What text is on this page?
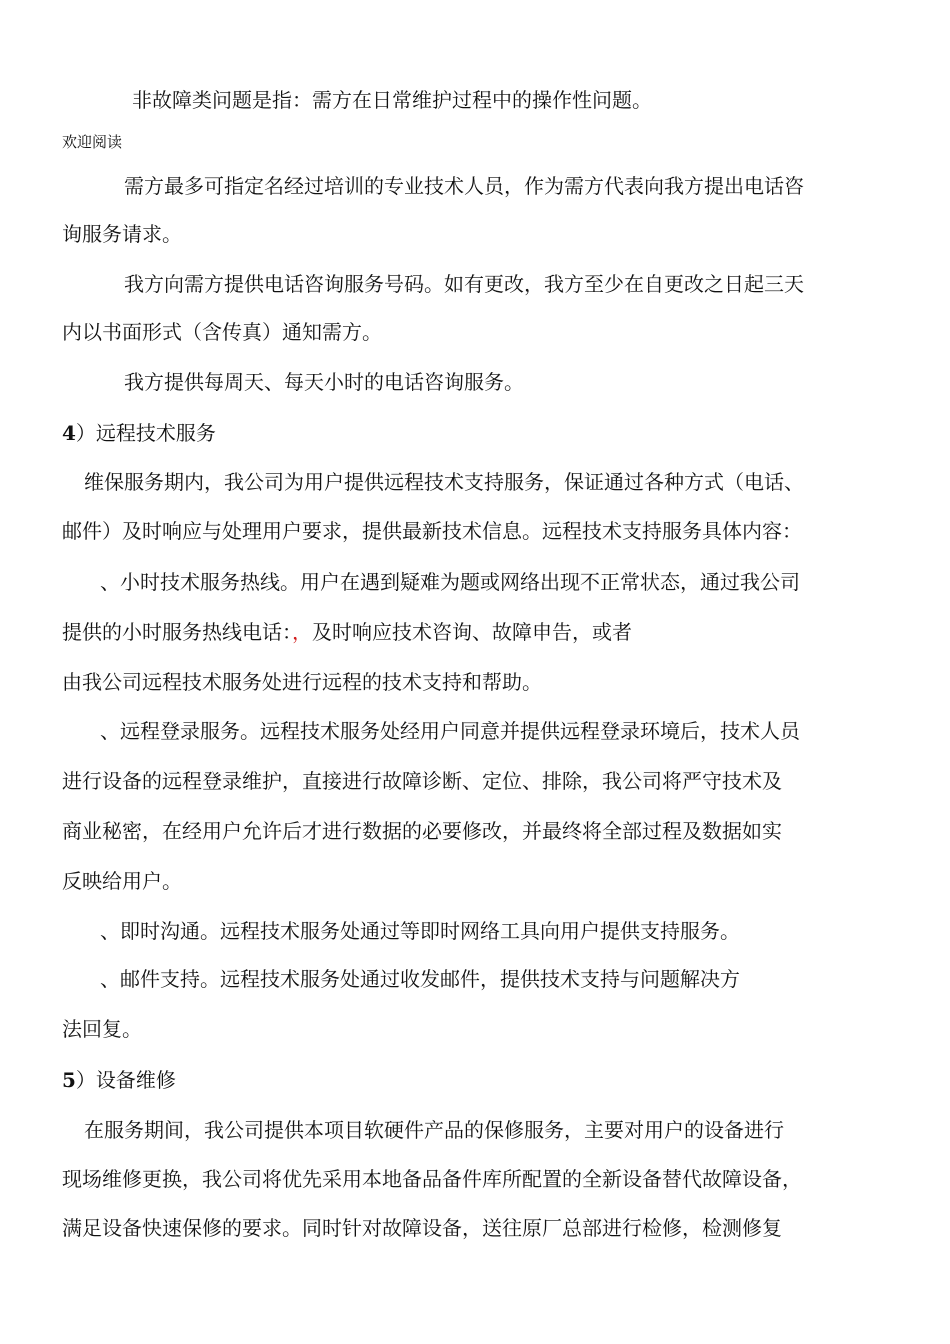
非故障类问题是指：需方在日常维护过程中的操作性问题。
欢迎阅读
需方最多可指定名经过培训的专业技术人员，作为需方代表向我方提出电话咨
询服务请求。
我方向需方提供电话咨询服务号码。如有更改，我方至少在自更改之日起三天
内以书面形式（含传真）通知需方。
我方提供每周天、每天小时的电话咨询服务。
4）远程技术服务
维保服务期内，我公司为用户提供远程技术支持服务，保证通过各种方式（电话、
邮件）及时响应与处理用户要求，提供最新技术信息。远程技术支持服务具体内容：
、小时技术服务热线。用户在遇到疑难为题或网络出现不正常状态，通过我公司
提供的小时服务热线电话：，及时响应技术咨询、故障申告，或者
由我公司远程技术服务处进行远程的技术支持和帮助。
、远程登录服务。远程技术服务处经用户同意并提供远程登录环境后，技术人员
进行设备的远程登录维护，直接进行故障诊断、定位、排除，我公司将严守技术及
商业秘密，在经用户允许后才进行数据的必要修改，并最终将全部过程及数据如实
反映给用户。
、即时沟通。远程技术服务处通过等即时网络工具向用户提供支持服务。
、邮件支持。远程技术服务处通过收发邮件，提供技术支持与问题解决方
法回复。
5）设备维修
在服务期间，我公司提供本项目软硬件产品的保修服务，主要对用户的设备进行
现场维修更换，我公司将优先采用本地备品备件库所配置的全新设备替代故障设备，
满足设备快速保修的要求。同时针对故障设备，送往原厂总部进行检修，检测修复
